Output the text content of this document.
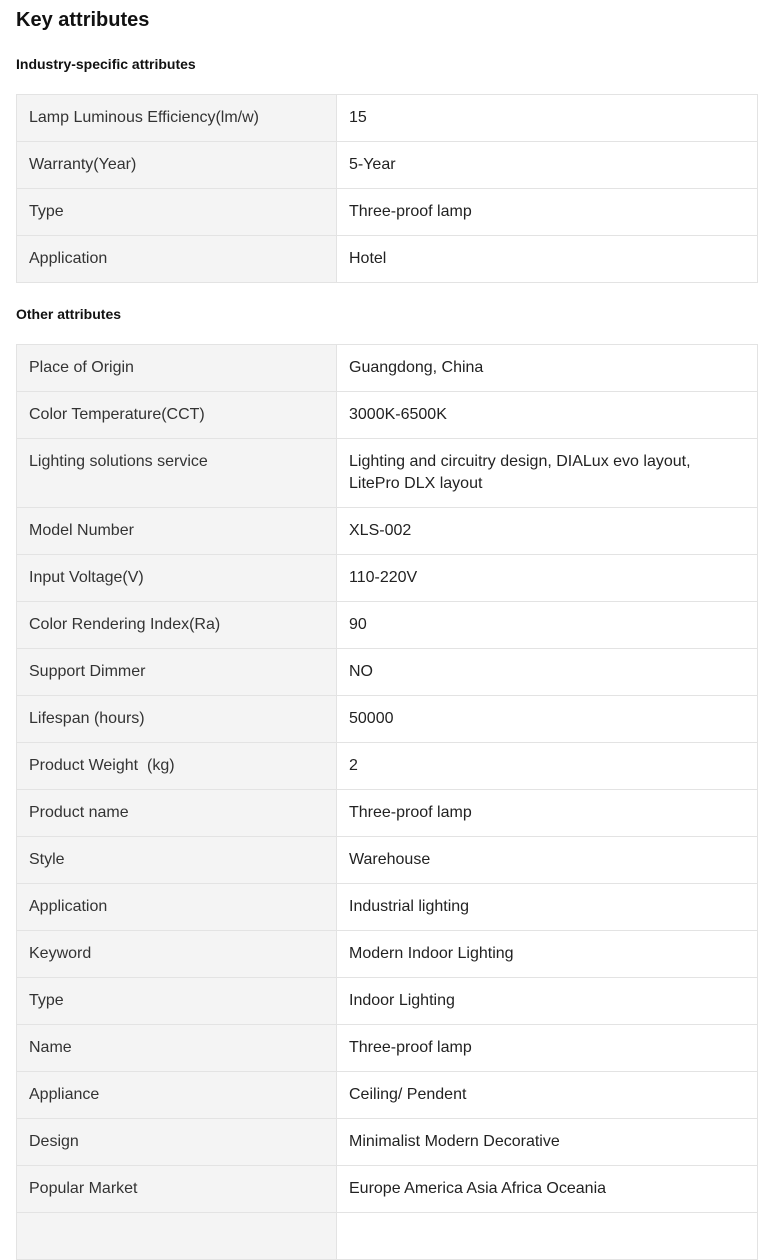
Key attributes
Industry-specific attributes
Lamp Luminous Efficiency(lm/w)	15
Warranty(Year)	5-Year
Type	Three-proof lamp
Application	Hotel
Other attributes
Place of Origin	Guangdong, China
Color Temperature(CCT)	3000K-6500K
Lighting solutions service	Lighting and circuitry design, DIALux evo layout, LitePro DLX layout
Model Number	XLS-002
Input Voltage(V)	110-220V
Color Rendering Index(Ra)	90
Support Dimmer	NO
Lifespan (hours)	50000
Product Weight  (kg)	2
Product name	Three-proof lamp
Style	Warehouse
Application	Industrial lighting
Keyword	Modern Indoor Lighting
Type	Indoor Lighting
Name	Three-proof lamp
Appliance	Ceiling/ Pendent
Design	Minimalist Modern Decorative
Popular Market	Europe America Asia Africa Oceania
